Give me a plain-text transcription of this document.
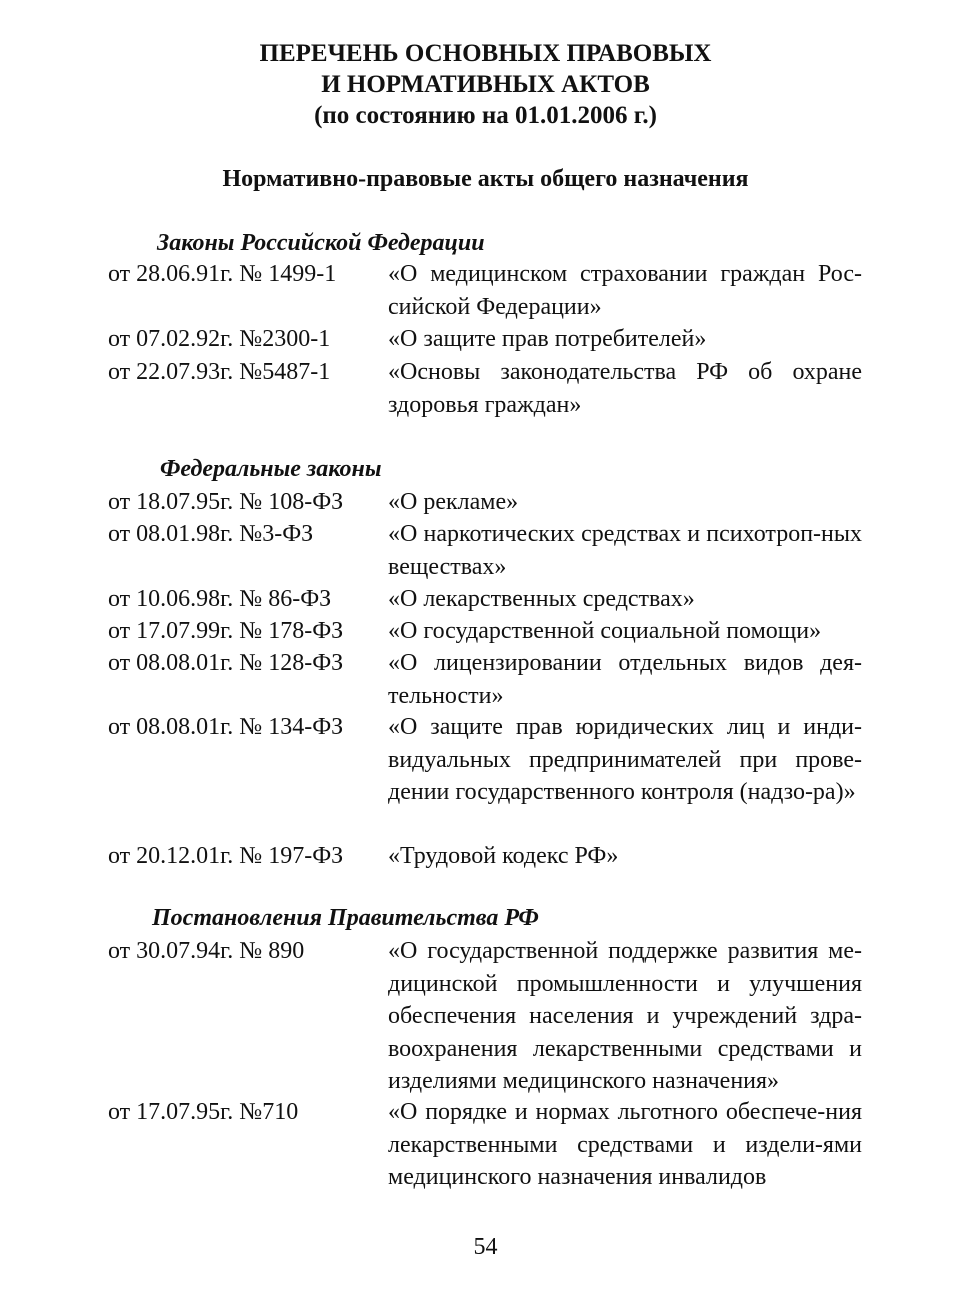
ПЕРЕЧЕНЬ ОСНОВНЫХ ПРАВОВЫХ
И НОРМАТИВНЫХ АКТОВ
(по состоянию на 01.01.2006 г.)
Нормативно-правовые акты общего назначения
Законы Российской Федерации
от 28.06.91г. № 1499-1 «О медицинском страховании граждан Рос-сийской Федерации»
от 07.02.92г. №2300-1 «О защите прав потребителей»
от 22.07.93г. №5487-1 «Основы законодательства РФ об охране здоровья граждан»
Федеральные законы
от 18.07.95г. № 108-ФЗ «О рекламе»
от 08.01.98г. №3-ФЗ	«О наркотических средствах и психотроп-ных веществах»
от 10.06.98г. № 86-ФЗ «О лекарственных средствах»
от 17.07.99г. № 178-ФЗ «О государственной социальной помощи»
от 08.08.01г. № 128-ФЗ «О лицензировании отдельных видов дея-тельности»
от 08.08.01г. № 134-ФЗ «О защите прав юридических лиц и инди-видуальных предпринимателей при прове-дении государственного контроля (надзо-ра)»
от 20.12.01г. № 197-ФЗ «Трудовой кодекс РФ»
Постановления Правительства РФ
от 30.07.94г. № 890	«О государственной поддержке развития ме-дицинской промышленности и улучшения обеспечения населения и учреждений здра-воохранения лекарственными средствами и изделиями медицинского назначения»
от 17.07.95г. №710	«О порядке и нормах льготного обеспече-ния лекарственными средствами и издели-ями медицинского назначения инвалидов
54
